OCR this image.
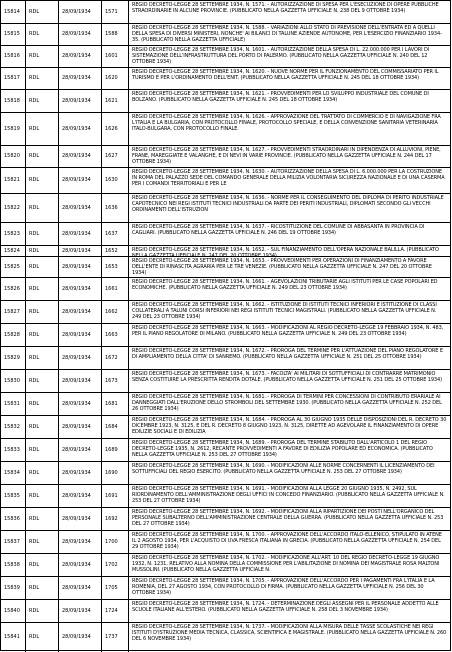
15814	RDL	28/09/1934	1571
REGIO DECRETO-LEGGE 28 SETTEMBRE 1934, N. 1571. - AUTORIZZAZIONE DI SPESA PER L'ESECUZIONE DI OPERE PUBBLICHE STRAORDINARIE IN ALCUNE PROVINCIE. (PUBBLICATO NELLA GAZZETTA UFFICIALE N. 238 DEL 9 OTTOBRE 1934)
15815	RDL	28/09/1934	1588
REGIO DECRETO-LEGGE 28 SETTEMBRE 1934, N. 1588. - VARIAZIONI ALLO STATO DI PREVISIONE DELL'ENTRATA ED A QUELLI DELLA SPESA DI DIVERSI MINISTERI, NONCHE' AI BILANCI DI TALUNE AZIENDE AUTONOME, PER L'ESERCIZIO FINANZIARIO 1934-35. (PUBBLICATO NELLA GAZZETTA UFFICIALE)
15816	RDL	28/09/1934	1601
REGIO DECRETO-LEGGE 28 SETTEMBRE 1934, N. 1601. - AUTORIZZAZIONE DELLA SPESA DI L. 22.000.000 PER I LAVORI DI SISTEMAZIONE DELL'INFRASTRUTTURA DEL PORTO DI PALERMO. (PUBBLICATO NELLA GAZZETTA UFFICIALE N. 240 DEL 12 OTTOBRE 1934)
15817	RDL	28/09/1934	1620
REGIO DECRETO-LEGGE 28 SETTEMBRE 1934, N. 1620. - NUOVE NORME PER IL FUNZIONAMENTO DEL COMMISSARIATO PER IL TURISMO E PER L'ORDINAMENTO DELL'ENIT. (PUBBLICATO NELLA GAZZETTA UFFICIALE N. 245 DEL 18 OTTOBRE 1934)
15818	RDL	28/09/1934	1621
REGIO DECRETO-LEGGE 28 SETTEMBRE 1934, N. 1621. - PROVVEDIMENTI PER LO SVILUPPO INDUSTRIALE DEL COMUNE DI BOLZANO. (PUBBLICATO NELLA GAZZETTA UFFICIALE N. 245 DEL 18 OTTOBRE 1934)
15819	RDL	28/09/1934	1626
REGIO DECRETO-LEGGE 28 SETTEMBRE 1934, N. 1626. - APPROVAZIONE DEL TRATTATO DI COMMERCIO E DI NAVIGAZIONE FRA L'ITALIA E LA BULGARIA, CON PROTOCOLLO FINALE, PROTOCOLLO SPECIALE, E DELLA CONVENZIONE SANITARIA VETERINARIA ITALO-BULGARA, CON PROTOCOLLO FINALE.
15820	RDL	28/09/1934	1627
REGIO DECRETO-LEGGE 28 SETTEMBRE 1934, N. 1627. - PROVVEDIMENTI STRAORDINARI IN DIPENDENZA DI ALLUVIONI, PIENE, FRANE, MAREGGIATE E VALANGHE, E DI NEVI IN VARIE PROVINCIE. (PUBBLICATO NELLA GAZZETTA UFFICIALE N. 244 DEL 17 OTTOBRE 1934)
15821	RDL	28/09/1934	1630
REGIO DECRETO-LEGGE 28 SETTEMBRE 1934, N. 1630. - AUTORIZZAZIONE DELLA SPESA DI L. 6.000.000 PER LA COSTRUZIONE IN ROMA DEL PALAZZO SEDE DEL COMANDO GENERALE DELLA MILIZIA VOLONTARIA SICUREZZA NAZIONALE E DI UNA CASERMA PER I COMANDI TERRITORIALI E PER LE
15822	RDL	28/09/1934	1636
REGIO DECRETO-LEGGE 28 SETTEMBRE 1934, N. 1636. - NORME PER IL CONSEGUIMENTO DEL DIPLOMA DI PERITO INDUSTRIALE CAPOTECNICO NEI REGI ISTITUTI TECNICI INDUSTRIALI DA PARTE DEI PERITI INDUSTRIALI, DIPLOMATI SECONDO GLI VECCHI ORDINAMENTI DELL'ISTRUZION
15823	RDL	28/09/1934	1637
REGIO DECRETO-LEGGE 28 SETTEMBRE 1934, N. 1637. - RICOSTITUZIONE DEL COMUNE DI ABBASANTA IN PROVINCIA DI CAGLIARI. (PUBBLICATO NELLA GAZZETTA UFFICIALE N. 246 DEL 19 OTTOBRE 1934)
15824	RDL	28/09/1934	1652	REGIO DECRETO-LEGGE 28 SETTEMBRE 1934, N. 1652. - SUL FINANZIAMENTO DELL'OPERA NAZIONALE BALILLA. (PUBBLICATO NELLA GAZZETTA UFFICIALE N. 247 DEL 20 OTTOBRE 1934)
15825	RDL	28/09/1934	1653
REGIO DECRETO-LEGGE 28 SETTEMBRE 1934, N. 1653. - PROVVEDIMENTI PER OPERAZIONI DI FINANZIAMENTO A FAVORE DELL'ENTE DI RINASCITA AGRARIA PER LE TRE VENEZIE. (PUBBLICATO NELLA GAZZETTA UFFICIALE N. 247 DEL 20 OTTOBRE 1934)
15826	RDL	28/09/1934	1661
REGIO DECRETO-LEGGE 28 SETTEMBRE 1934, N. 1661. - AGEVOLAZIONI TRIBUTARIE AGLI ISTITUTI PER LE CASE POPOLARI ED ECONOMICHE. (PUBBLICATO NELLA GAZZETTA UFFICIALE N. 249 DEL 23 OTTOBRE 1934)
15827	RDL	28/09/1934	1662
REGIO DECRETO-LEGGE 28 SETTEMBRE 1934, N. 1662. - ISTITUZIONE DI ISTITUTI TECNICI INFERIORI E ISTITUZIONE DI CLASSI COLLATERALI A TALUNI CORSI INFERIORI NEI REGI ISTITUTI TECNICI MAGISTRALI. (PUBBLICATO NELLA GAZZETTA UFFICIALE N. 249 DEL 23 OTTOBRE 1934)
15828	RDL	28/09/1934	1663
REGIO DECRETO-LEGGE 28 SETTEMBRE 1934, N. 1663. - MODIFICAZIONI AL REGIO DECRETO-LEGGE 19 FEBBRAIO 1934, N. 483, PER IL PIANO REGOLATORE DI MILANO. (PUBBLICATO NELLA GAZZETTA UFFICIALE N. 249 DEL 23 OTTOBRE 1934)
15829	RDL	28/09/1934	1672
REGIO DECRETO-LEGGE 28 SETTEMBRE 1934, N. 1672. - PROROGA DEL TERMINE PER L'ATTUAZIONE DEL PIANO REGOLATORE E DI AMPLIAMENTO DELLA CITTA' DI SANREMO. (PUBBLICATO NELLA GAZZETTA UFFICIALE N. 251 DEL 25 OTTOBRE 1934)
15830	RDL	28/09/1934	1673
REGIO DECRETO-LEGGE 28 SETTEMBRE 1934, N. 1673. - FACOLTA' AI MILITARI DI SOTTUFFICIALI DI CONTRARRE MATRIMONIO SENZA COSTITUIRE LA PRESCRITTA RENDITA DOTALE. (PUBBLICATO NELLA GAZZETTA UFFICIALE N. 251 DEL 25 OTTOBRE 1934)
15831	RDL	28/09/1934	1681
REGIO DECRETO-LEGGE 28 SETTEMBRE 1934, N. 1681. - PROROGA DI TERMINI PER CONCESSIONI DI CONTRIBUTO ERARIALE AI DANNEGGIATI DALL'ERUZIONE DELLO STROMBOLI DEL SETTEMBRE 1930. (PUBBLICATO NELLA GAZZETTA UFFICIALE N. 252 DEL 26 OTTOBRE 1934)
15832	RDL	28/09/1934	1684
REGIO DECRETO-LEGGE 28 SETTEMBRE 1934, N. 1684. - PROROGA AL 30 GIUGNO 1935 DELLE DISPOSIZIONI DEL R. DECRETO 30 DICEMBRE 1923, N. 3125, E DEL R. DECRETO 8 GIUGNO 1923, N. 3125, DIRETTE AD AGEVOLARE IL FINANZIAMENTO DI OPERE EDILIZIE SOCIALI E DI EDILIZIA
15833	RDL	28/09/1934	1689
REGIO DECRETO-LEGGE 28 SETTEMBRE 1934, N. 1689. - PROROGA DEL TERMINE STABILITO DALL'ARTICOLO 1 DEL REGIO DECRETO-LEGGE 1935, N. 2612, RECANTE PROVVEDIMENTI A FAVORE DI EDILIZIA POPOLARE ED ECONOMICA. (PUBBLICATO NELLA GAZZETTA UFFICIALE N. 253 DEL 27 OTTOBRE 1934)
15834	RDL	28/09/1934	1690
REGIO DECRETO-LEGGE 28 SETTEMBRE 1934, N. 1690. - MODIFICAZIONI ALLE NORME CONCERNENTI IL LICENZIAMENTO DEI SOTTUFFICIALI DEL REGIO ESERCITO. (PUBBLICATO NELLA GAZZETTA UFFICIALE N. 253 DEL 27 OTTOBRE 1934)
15835	RDL	28/09/1934	1691
REGIO DECRETO-LEGGE 28 SETTEMBRE 1934, N. 1691. - MODIFICAZIONI ALLA LEGGE 20 GIUGNO 1935, N. 2492, SUL RIORDINAMENTO DELL'AMMINISTRAZIONE DEGLI UFFICI IN CONCEDO FINANZIARIO. (PUBBLICATO NELLA GAZZETTA UFFICIALE N. 253 DEL 27 OTTOBRE 1934)
15836	RDL	28/09/1934	1692
REGIO DECRETO-LEGGE 28 SETTEMBRE 1934, N. 1692. - MODIFICAZIONI ALLA RIPARTIZIONE DEI POSTI NELL'ORGANICO DEL PERSONALE SUBALTERNO DELL'AMMINISTRAZIONE CENTRALE DELLA GUERRA. (PUBBLICATO NELLA GAZZETTA UFFICIALE N. 253 DEL 27 OTTOBRE 1934)
15837	RDL	28/09/1934	1700
REGIO DECRETO-LEGGE 28 SETTEMBRE 1934, N. 1700. - APPROVAZIONE DELL'ACCORDO ITALO-ELLENICO, STIPULATO IN ATENE IL 2 AGOSTO 1934, PER L'ACQUISTO DI UVA FRESCA ITALIANA IN GRECIA. (PUBBLICATO NELLA GAZZETTA UFFICIALE N. 254 DEL 29 OTTOBRE 1934)
15838	RDL	28/09/1934	1702
REGIO DECRETO-LEGGE 28 SETTEMBRE 1934, N. 1702. - MODIFICAZIONE ALL'ART. 10 DEL REGIO DECRETO-LEGGE 19 GIUGNO 1932, N. 1231, RELATIVO ALLA NOMINA DELLA COMMISSIONE PER L'ABILITAZIONE DI NOMINA DEI MAGISTRALE ROSA MALTONI MUSSOLINI. (PUBBLICATO NELLA GAZZETTA UFFICIALE N.
15839	RDL	28/09/1934	1705
REGIO DECRETO-LEGGE 28 SETTEMBRE 1934, N. 1705. - APPROVAZIONE DELL'ACCORDO PER I PAGAMENTI FRA L'ITALIA E LA ROMENIA, DEL 27 AGOSTO 1934, CON PROTOCOLLO DI FIRMA. (PUBBLICATO NELLA GAZZETTA UFFICIALE N. 256 DEL 30 OTTOBRE 1934)
15840	RDL	28/09/1934	1724
REGIO DECRETO-LEGGE 28 SETTEMBRE 1934, N. 1724. - DETERMINAZIONE DEGLI ASSEGNI PER IL PERSONALE ADDETTO ALLE SCUOLE ITALIANE ALL'ESTERO. (PUBBLICATO NELLA GAZZETTA UFFICIALE N. 258 DEL 3 NOVEMBRE 1934)
15841	RDL	28/09/1934	1737
REGIO DECRETO-LEGGE 28 SETTEMBRE 1934, N. 1737. - MODIFICAZIONI ALLA MISURA DELLE TASSE SCOLASTICHE NEI REGI ISTITUTI D'ISTRUZIONE MEDIA TECNICA, CLASSICA, SCIENTIFICA E MAGISTRALE. (PUBBLICATO NELLA GAZZETTA UFFICIALE N. 260 DEL 6 NOVEMBRE 1934)
